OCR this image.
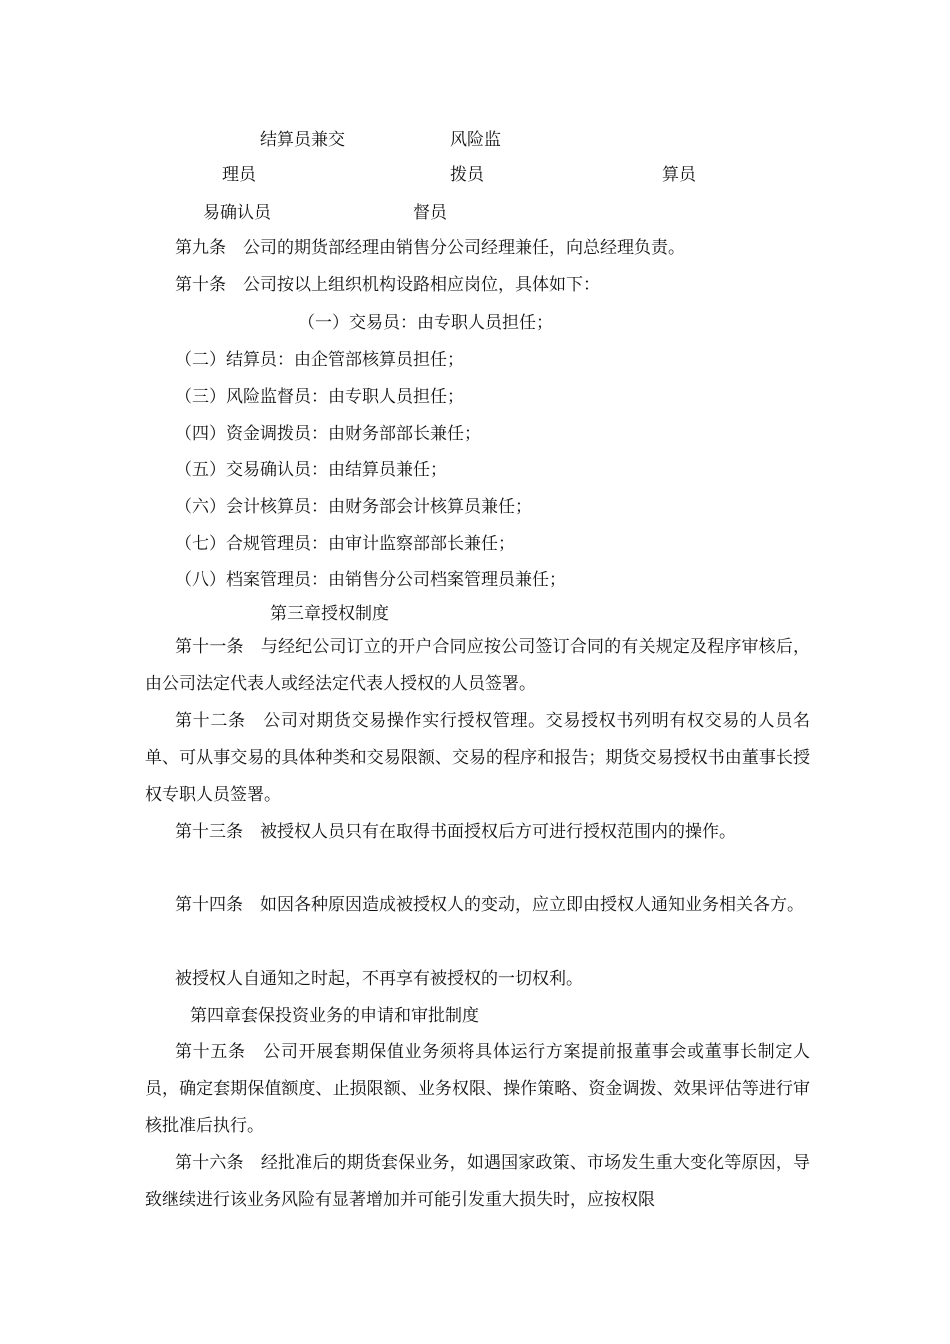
结算员兼交	风险监
理员	拨员	算员
易确认员	督员
第九条　公司的期货部经理由销售分公司经理兼任，向总经理负责。
第十条　公司按以上组织机构设路相应岗位，具体如下：
（一）交易员：由专职人员担任；
（二）结算员：由企管部核算员担任；
（三）风险监督员：由专职人员担任；
（四）资金调拨员：由财务部部长兼任；
（五）交易确认员：由结算员兼任；
（六）会计核算员：由财务部会计核算员兼任；
（七）合规管理员：由审计监察部部长兼任；
（八）档案管理员：由销售分公司档案管理员兼任；
第三章授权制度
第十一条　与经纪公司订立的开户合同应按公司签订合同的有关规定及程序审核后，由公司法定代表人或经法定代表人授权的人员签署。
第十二条　公司对期货交易操作实行授权管理。交易授权书列明有权交易的人员名单、可从事交易的具体种类和交易限额、交易的程序和报告；期货交易授权书由董事长授权专职人员签署。
第十三条　被授权人员只有在取得书面授权后方可进行授权范围内的操作。
第十四条　如因各种原因造成被授权人的变动，应立即由授权人通知业务相关各方。
被授权人自通知之时起，不再享有被授权的一切权利。
第四章套保投资业务的申请和审批制度
第十五条　公司开展套期保值业务须将具体运行方案提前报董事会或董事长制定人员，确定套期保值额度、止损限额、业务权限、操作策略、资金调拨、效果评估等进行审核批准后执行。
第十六条　经批准后的期货套保业务，如遇国家政策、市场发生重大变化等原因，导致继续进行该业务风险有显著增加并可能引发重大损失时，应按权限
